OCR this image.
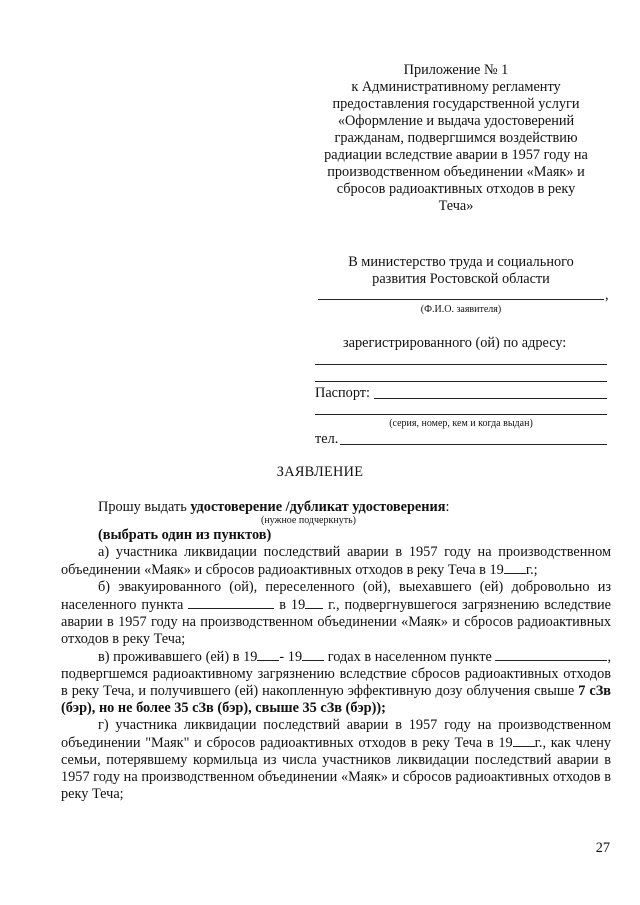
Приложение № 1
к Административному регламенту
предоставления государственной услуги
«Оформление и выдача удостоверений
гражданам, подвергшимся воздействию
радиации вследствие аварии в 1957 году на
производственном объединении «Маяк» и
сбросов радиоактивных отходов в реку
Теча»
В министерство труда и социального
развития Ростовской области
,
(Ф.И.О. заявителя)
зарегистрированного (ой) по адресу:
Паспорт:
(серия, номер, кем и когда выдан)
тел.
ЗАЯВЛЕНИЕ

Прошу выдать удостоверение /дубликат удостоверения:

(нужное подчеркнуть)

(выбрать один из пунктов)

а) участника ликвидации последствий аварии в 1957 году на производственном объединении «Маяк» и сбросов радиоактивных отходов в реку Теча в 19 г.;

б) эвакуированного (ой), переселенного (ой), выехавшего (ей) добровольно из населенного пункта	в 19 г., подвергнувшегося загрязнению вследствие аварии в 1957 году на производственном объединении «Маяк» и сбросов радиоактивных отходов в реку Теча;

в) проживавшего (ей) в 19 - 19 годах в населенном пункте	, подвергшемся радиоактивному загрязнению вследствие сбросов радиоактивных отходов в реку Теча, и получившего (ей) накопленную эффективную дозу облучения свыше 7 сЗв (бэр), но не более 35 сЗв (бэр), свыше 35 сЗв (бэр));

г) участника ликвидации последствий аварии в 1957 году на производственном объединении "Маяк" и сбросов радиоактивных отходов в реку Теча в 19 г., как члену семьи, потерявшему кормильца из числа участников ликвидации последствий аварии в 1957 году на производственном объединении «Маяк» и сбросов радиоактивных отходов в реку Теча;

27
